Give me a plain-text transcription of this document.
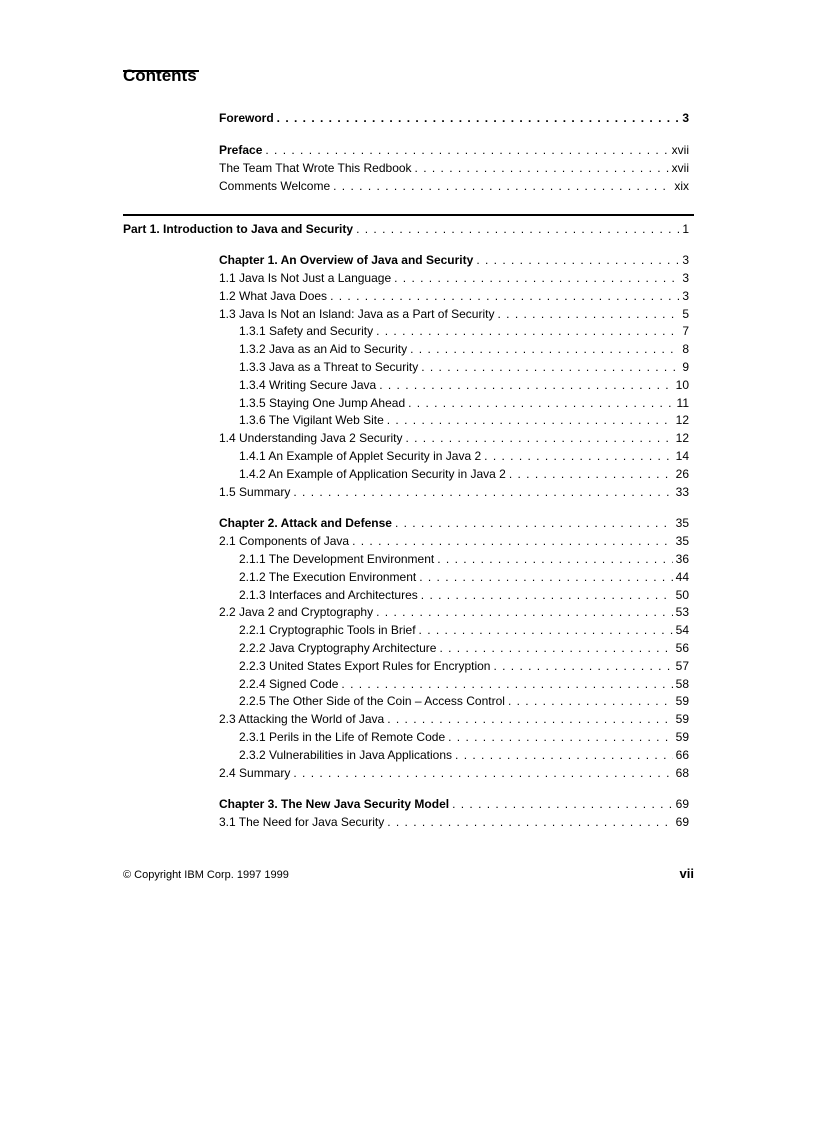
Contents
Foreword . . .	3
Preface . . .	xvii
The Team That Wrote This Redbook . . .	xvii
Comments Welcome . . .	xix
Part 1. Introduction to Java and Security . . .	1
Chapter 1. An Overview of Java and Security . . .	3
1.1 Java Is Not Just a Language . . .	3
1.2 What Java Does . . .	3
1.3 Java Is Not an Island: Java as a Part of Security . . .	5
1.3.1 Safety and Security . . .	7
1.3.2 Java as an Aid to Security . . .	8
1.3.3 Java as a Threat to Security . . .	9
1.3.4 Writing Secure Java . . .	10
1.3.5 Staying One Jump Ahead . . .	11
1.3.6 The Vigilant Web Site . . .	12
1.4 Understanding Java 2 Security . . .	12
1.4.1 An Example of Applet Security in Java 2 . . .	14
1.4.2 An Example of Application Security in Java 2 . . .	26
1.5 Summary . . .	33
Chapter 2. Attack and Defense . . .	35
2.1 Components of Java . . .	35
2.1.1 The Development Environment . . .	36
2.1.2 The Execution Environment . . .	44
2.1.3 Interfaces and Architectures . . .	50
2.2 Java 2 and Cryptography . . .	53
2.2.1 Cryptographic Tools in Brief . . .	54
2.2.2 Java Cryptography Architecture . . .	56
2.2.3 United States Export Rules for Encryption . . .	57
2.2.4 Signed Code . . .	58
2.2.5 The Other Side of the Coin – Access Control . . .	59
2.3 Attacking the World of Java . . .	59
2.3.1 Perils in the Life of Remote Code . . .	59
2.3.2 Vulnerabilities in Java Applications . . .	66
2.4 Summary . . .	68
Chapter 3. The New Java Security Model . . .	69
3.1 The Need for Java Security . . .	69
© Copyright IBM Corp. 1997 1999	vii
